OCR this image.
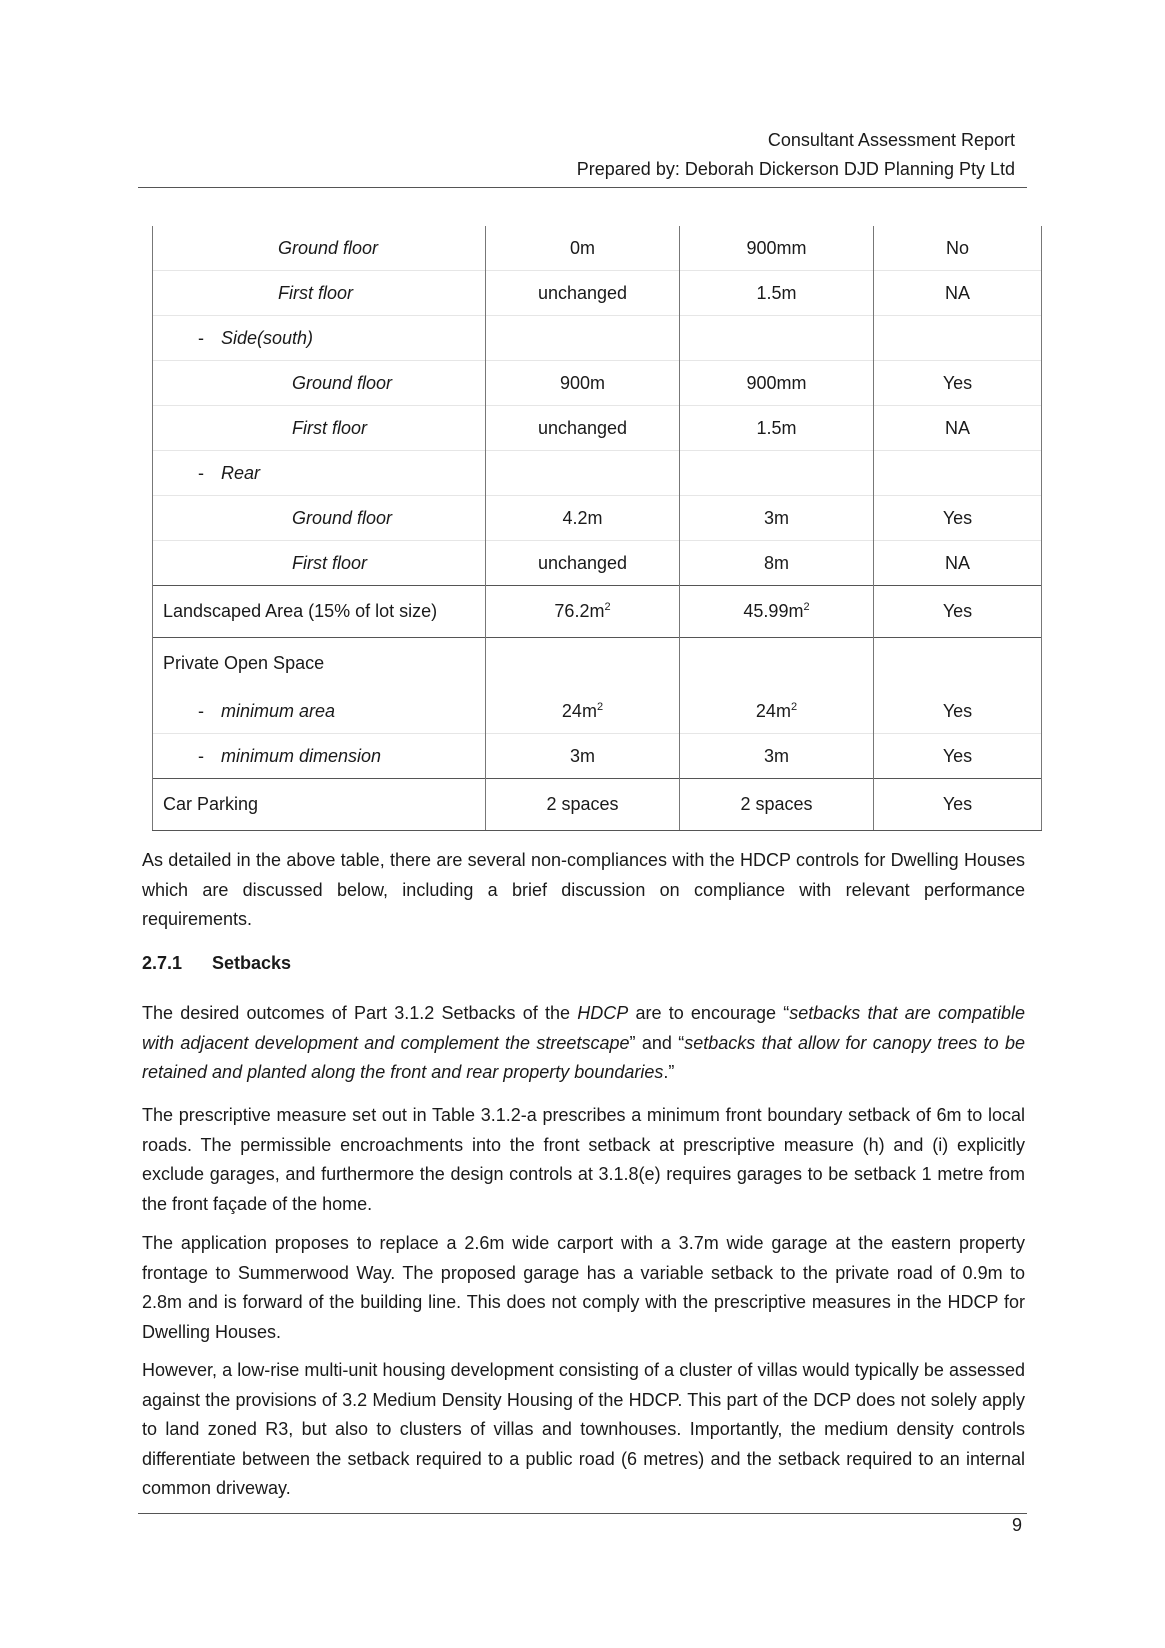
Consultant Assessment Report
Prepared by: Deborah Dickerson DJD Planning Pty Ltd
Ground floor	0m	900mm	No

First floor	unchanged	1.5m	NA

- Side(south)			

Ground floor	900m	900mm	Yes

First floor	unchanged	1.5m	NA

- Rear			

Ground floor	4.2m	3m	Yes

First floor	unchanged	8m	NA

Landscaped Area (15% of lot size)	$76.2m^2$	$45.99m^2$	Yes

Private Open Space			

- minimum area	$24m^2$	$24m^2$	Yes

- minimum dimension	3m	3m	Yes

Car Parking	2 spaces	2 spaces	Yes
As detailed in the above table, there are several non-compliances with the HDCP controls for Dwelling Houses which are discussed below, including a brief discussion on compliance with relevant performance requirements.
2.7.1 Setbacks
The desired outcomes of Part 3.1.2 Setbacks of the HDCP are to encourage “setbacks that are compatible with adjacent development and complement the streetscape” and “setbacks that allow for canopy trees to be retained and planted along the front and rear property boundaries.”
The prescriptive measure set out in Table 3.1.2-a prescribes a minimum front boundary setback of 6m to local roads. The permissible encroachments into the front setback at prescriptive measure (h) and (i) explicitly exclude garages, and furthermore the design controls at 3.1.8(e) requires garages to be setback 1 metre from the front façade of the home.
The application proposes to replace a 2.6m wide carport with a 3.7m wide garage at the eastern property frontage to Summerwood Way. The proposed garage has a variable setback to the private road of 0.9m to 2.8m and is forward of the building line. This does not comply with the prescriptive measures in the HDCP for Dwelling Houses.
However, a low-rise multi-unit housing development consisting of a cluster of villas would typically be assessed against the provisions of 3.2 Medium Density Housing of the HDCP. This part of the DCP does not solely apply to land zoned R3, but also to clusters of villas and townhouses. Importantly, the medium density controls differentiate between the setback required to a public road (6 metres) and the setback required to an internal common driveway.
9
